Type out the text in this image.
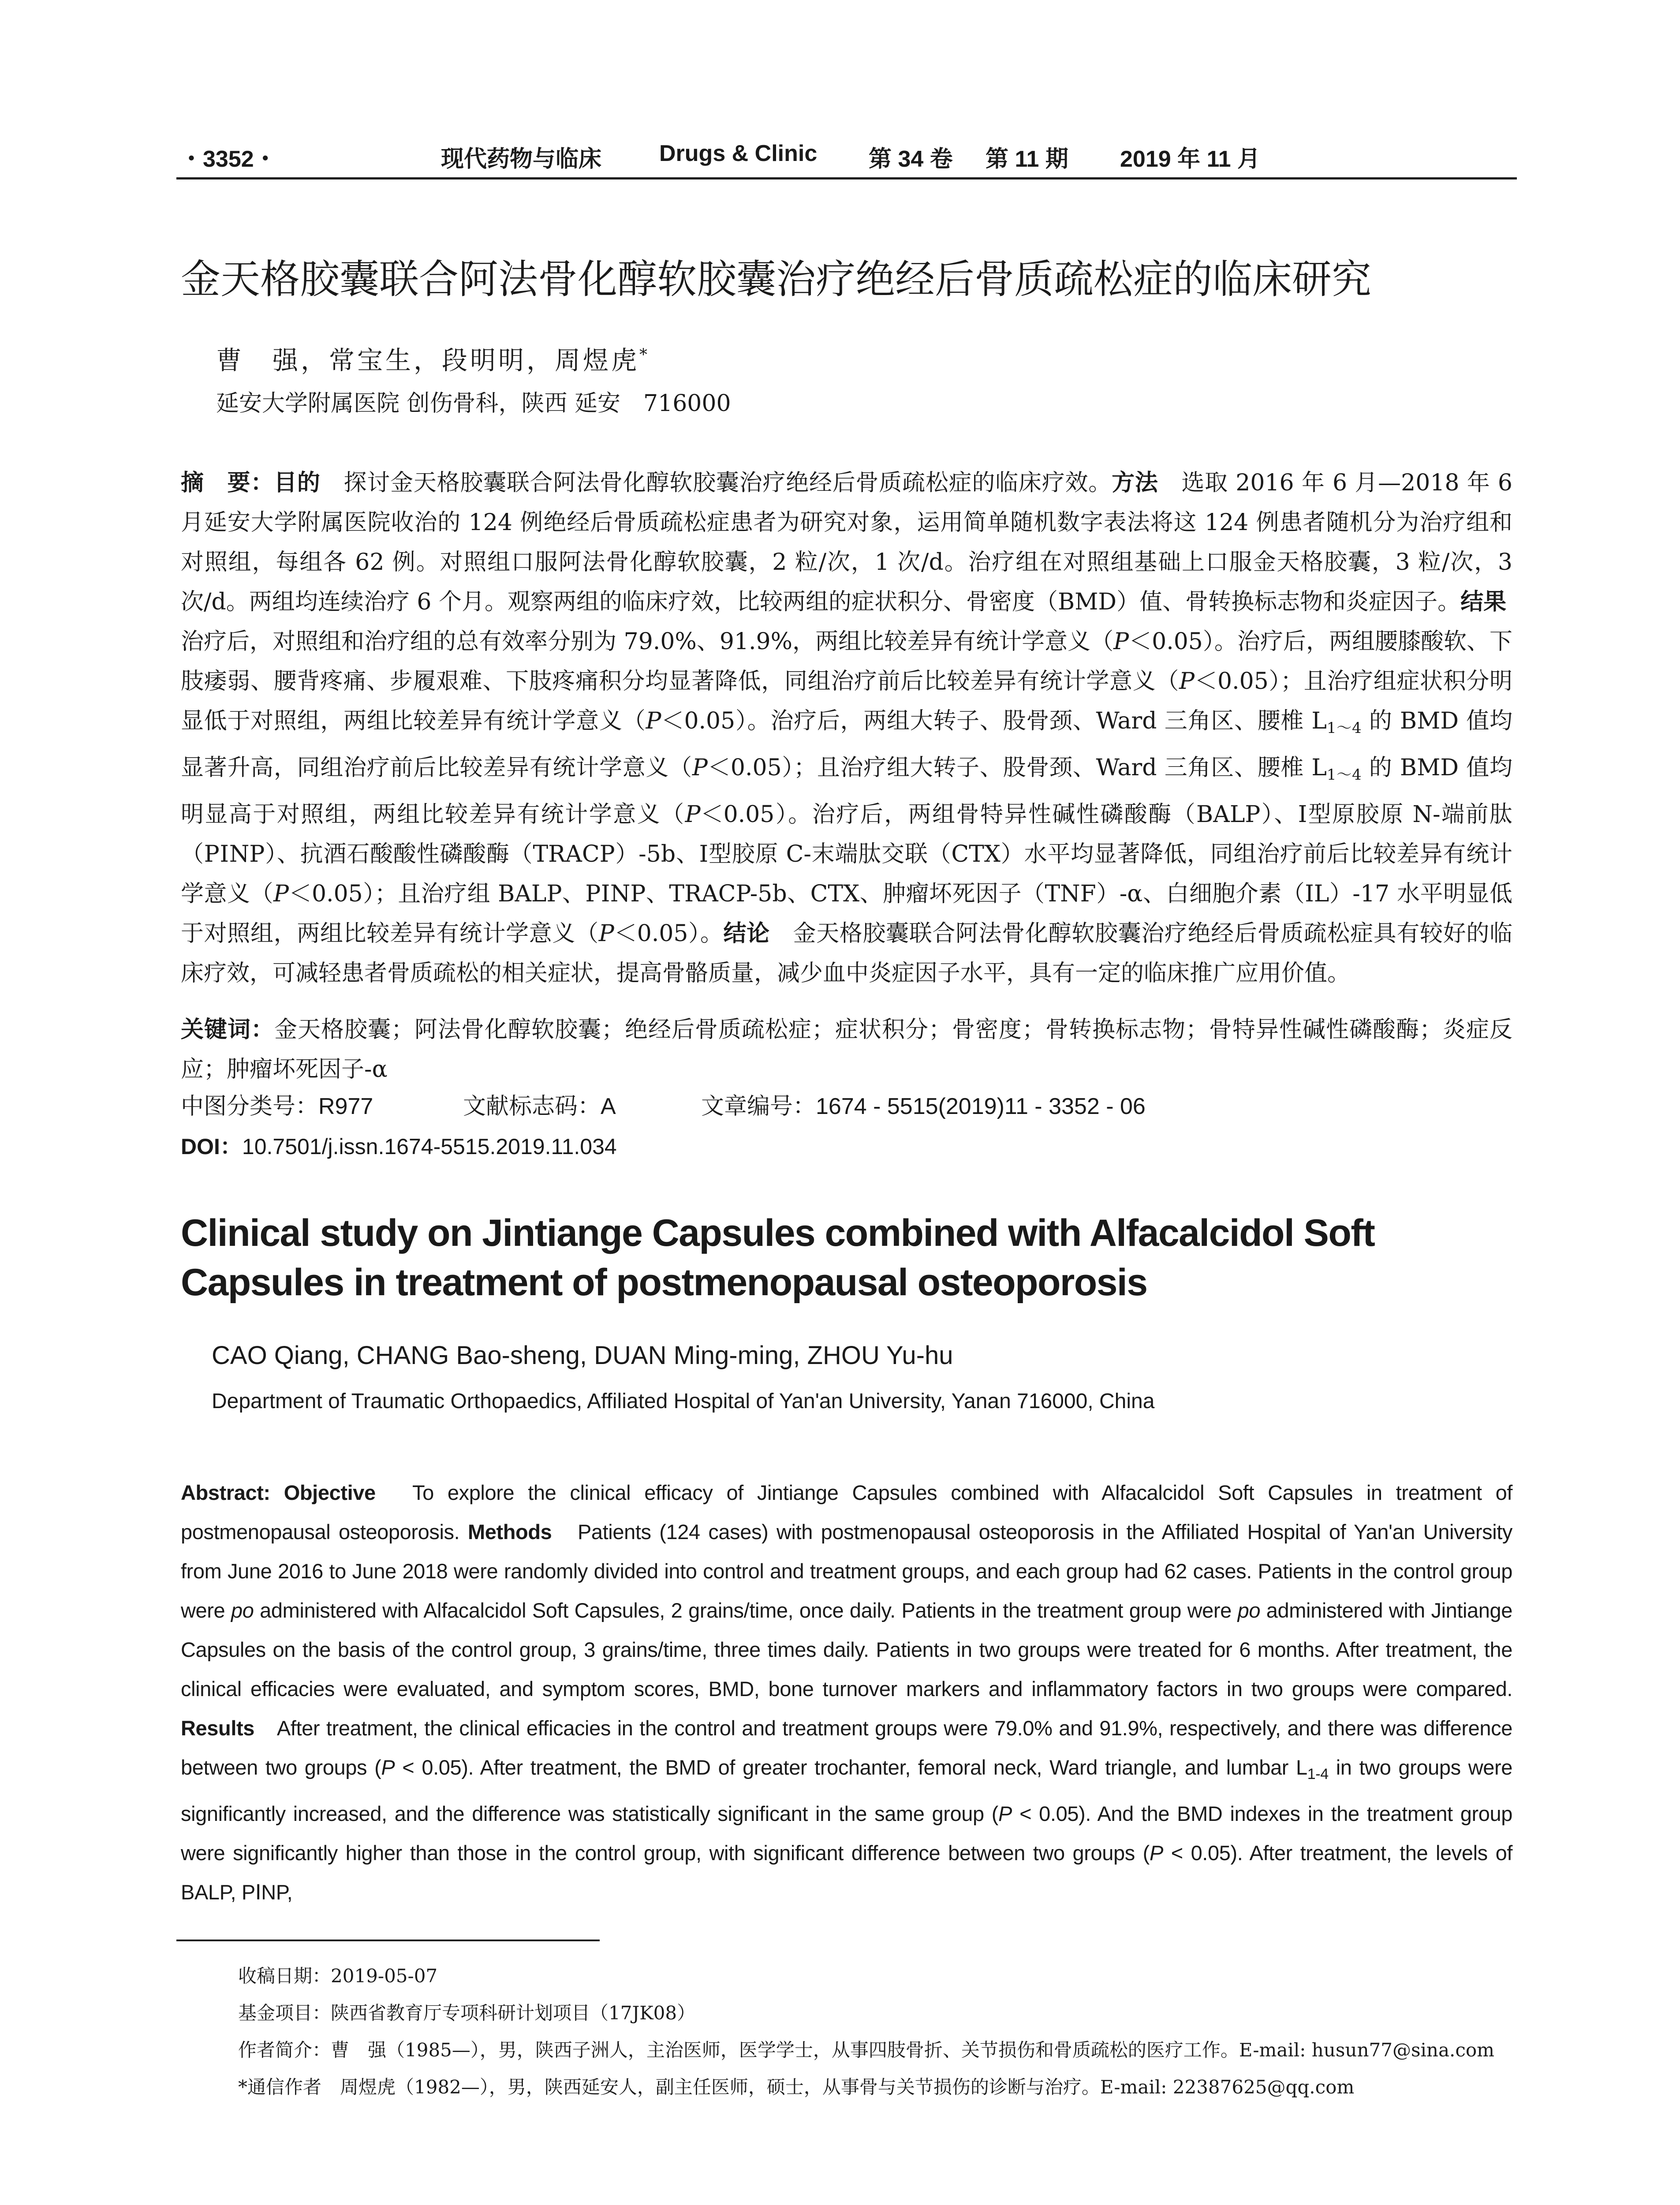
・3352・	现代药物与临床	Drugs & Clinic 第 34 卷 第 11 期 2019 年 11 月
金天格胶囊联合阿法骨化醇软胶囊治疗绝经后骨质疏松症的临床研究
曹　强，常宝生，段明明，周煜虎*
延安大学附属医院 创伤骨科，陕西 延安　716000
摘　要：目的　探讨金天格胶囊联合阿法骨化醇软胶囊治疗绝经后骨质疏松症的临床疗效。方法　选取 2016 年 6 月—2018 年 6 月延安大学附属医院收治的 124 例绝经后骨质疏松症患者为研究对象，运用简单随机数字表法将这 124 例患者随机分为治疗组和对照组，每组各 62 例。对照组口服阿法骨化醇软胶囊，2 粒/次，1 次/d。治疗组在对照组基础上口服金天格胶囊，3 粒/次，3 次/d。两组均连续治疗 6 个月。观察两组的临床疗效，比较两组的症状积分、骨密度（BMD）值、骨转换标志物和炎症因子。结果　治疗后，对照组和治疗组的总有效率分别为 79.0%、91.9%，两组比较差异有统计学意义（P＜0.05）。治疗后，两组腰膝酸软、下肢痿弱、腰背疼痛、步履艰难、下肢疼痛积分均显著降低，同组治疗前后比较差异有统计学意义（P＜0.05）；且治疗组症状积分明显低于对照组，两组比较差异有统计学意义（P＜0.05）。治疗后，两组大转子、股骨颈、Ward 三角区、腰椎 $L_{1\sim 4}$ 的 BMD 值均显著升高，同组治疗前后比较差异有统计学意义（P＜0.05）；且治疗组大转子、股骨颈、Ward 三角区、腰椎 $L_{1\sim 4}$ 的 BMD 值均明显高于对照组，两组比较差异有统计学意义（P＜0.05）。治疗后，两组骨特异性碱性磷酸酶（BALP）、Ⅰ型原胶原 N-端前肽（PⅠNP）、抗酒石酸酸性磷酸酶（TRACP）-5b、Ⅰ型胶原 C-末端肽交联（CTX）水平均显著降低，同组治疗前后比较差异有统计学意义（P＜0.05）；且治疗组 BALP、PⅠNP、TRACP-5b、CTX、肿瘤坏死因子（TNF）-α、白细胞介素（IL）-17 水平明显低于对照组，两组比较差异有统计学意义（P＜0.05）。结论　金天格胶囊联合阿法骨化醇软胶囊治疗绝经后骨质疏松症具有较好的临床疗效，可减轻患者骨质疏松的相关症状，提高骨骼质量，减少血中炎症因子水平，具有一定的临床推广应用价值。
关键词：金天格胶囊；阿法骨化醇软胶囊；绝经后骨质疏松症；症状积分；骨密度；骨转换标志物；骨特异性碱性磷酸酶；炎症反应；肿瘤坏死因子-α
中图分类号：R977	文献标志码：A	文章编号：1674 - 5515(2019)11 - 3352 - 06
DOI：10.7501/j.issn.1674-5515.2019.11.034
Clinical study on Jintiange Capsules combined with Alfacalcidol Soft Capsules in treatment of postmenopausal osteoporosis
CAO Qiang, CHANG Bao-sheng, DUAN Ming-ming, ZHOU Yu-hu
Department of Traumatic Orthopaedics, Affiliated Hospital of Yan'an University, Yanan 716000, China
Abstract: Objective　To explore the clinical efficacy of Jintiange Capsules combined with Alfacalcidol Soft Capsules in treatment of postmenopausal osteoporosis. Methods　Patients (124 cases) with postmenopausal osteoporosis in the Affiliated Hospital of Yan'an University from June 2016 to June 2018 were randomly divided into control and treatment groups, and each group had 62 cases. Patients in the control group were po administered with Alfacalcidol Soft Capsules, 2 grains/time, once daily. Patients in the treatment group were po administered with Jintiange Capsules on the basis of the control group, 3 grains/time, three times daily. Patients in two groups were treated for 6 months. After treatment, the clinical efficacies were evaluated, and symptom scores, BMD, bone turnover markers and inflammatory factors in two groups were compared. Results　After treatment, the clinical efficacies in the control and treatment groups were 79.0% and 91.9%, respectively, and there was difference between two groups (P < 0.05). After treatment, the BMD of greater trochanter, femoral neck, Ward triangle, and lumbar $L_{1-4}$ in two groups were significantly increased, and the difference was statistically significant in the same group (P < 0.05). And the BMD indexes in the treatment group were significantly higher than those in the control group, with significant difference between two groups (P < 0.05). After treatment, the levels of BALP, PⅠNP,
收稿日期：2019-05-07
基金项目：陕西省教育厅专项科研计划项目（17JK08）
作者简介：曹　强（1985—），男，陕西子洲人，主治医师，医学学士，从事四肢骨折、关节损伤和骨质疏松的医疗工作。E-mail: husun77@sina.com
*通信作者　周煜虎（1982—），男，陕西延安人，副主任医师，硕士，从事骨与关节损伤的诊断与治疗。E-mail: 22387625@qq.com
